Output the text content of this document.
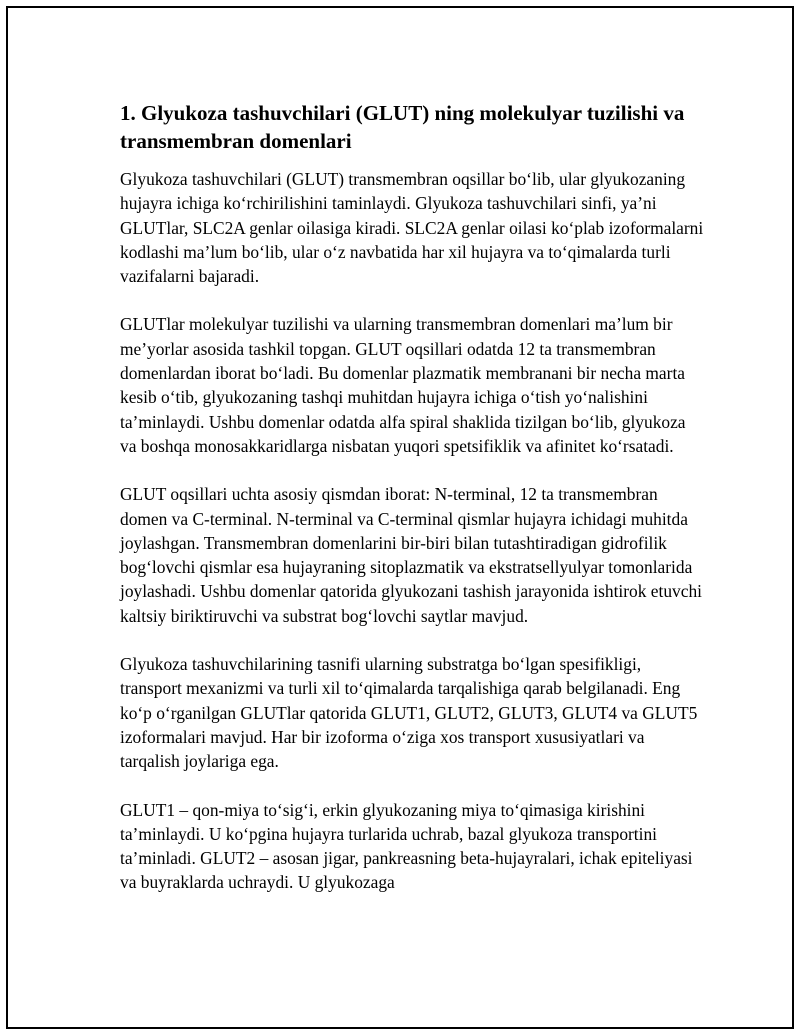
1. Glyukoza tashuvchilari (GLUT) ning molekulyar tuzilishi va transmembran domenlari

Glyukoza tashuvchilari (GLUT) transmembran oqsillar bo‘lib, ular glyukozaning hujayra ichiga ko‘rchirilishini taminlaydi. Glyukoza tashuvchilari sinfi, ya’ni GLUTlar, SLC2A genlar oilasiga kiradi. SLC2A genlar oilasi ko‘plab izoformalarni kodlashi ma’lum bo‘lib, ular o‘z navbatida har xil hujayra va to‘qimalarda turli vazifalarni bajaradi.

GLUTlar molekulyar tuzilishi va ularning transmembran domenlari ma’lum bir me’yorlar asosida tashkil topgan. GLUT oqsillari odatda 12 ta transmembran domenlardan iborat bo‘ladi. Bu domenlar plazmatik membranani bir necha marta kesib o‘tib, glyukozaning tashqi muhitdan hujayra ichiga o‘tish yo‘nalishini ta’minlaydi. Ushbu domenlar odatda alfa spiral shaklida tizilgan bo‘lib, glyukoza va boshqa monosakkaridlarga nisbatan yuqori spetsifiklik va afinitet ko‘rsatadi.

GLUT oqsillari uchta asosiy qismdan iborat: N-terminal, 12 ta transmembran domen va C-terminal. N-terminal va C-terminal qismlar hujayra ichidagi muhitda joylashgan. Transmembran domenlarini bir-biri bilan tutashtiradigan gidrofilik bog‘lovchi qismlar esa hujayraning sitoplazmatik va ekstratsellyulyar tomonlarida joylashadi. Ushbu domenlar qatorida glyukozani tashish jarayonida ishtirok etuvchi kaltsiy biriktiruvchi va substrat bog‘lovchi saytlar mavjud.

Glyukoza tashuvchilarining tasnifi ularning substratga bo‘lgan spesifikligi, transport mexanizmi va turli xil to‘qimalarda tarqalishiga qarab belgilanadi. Eng ko‘p o‘rganilgan GLUTlar qatorida GLUT1, GLUT2, GLUT3, GLUT4 va GLUT5 izoformalari mavjud. Har bir izoforma o‘ziga xos transport xususiyatlari va tarqalish joylariga ega.

GLUT1 – qon-miya to‘sig‘i, erkin glyukozaning miya to‘qimasiga kirishini ta’minlaydi. U ko‘pgina hujayra turlarida uchrab, bazal glyukoza transportini ta’minladi. GLUT2 – asosan jigar, pankreasning beta-hujayralari, ichak epiteliyasi va buyraklarda uchraydi. U glyukozaga
